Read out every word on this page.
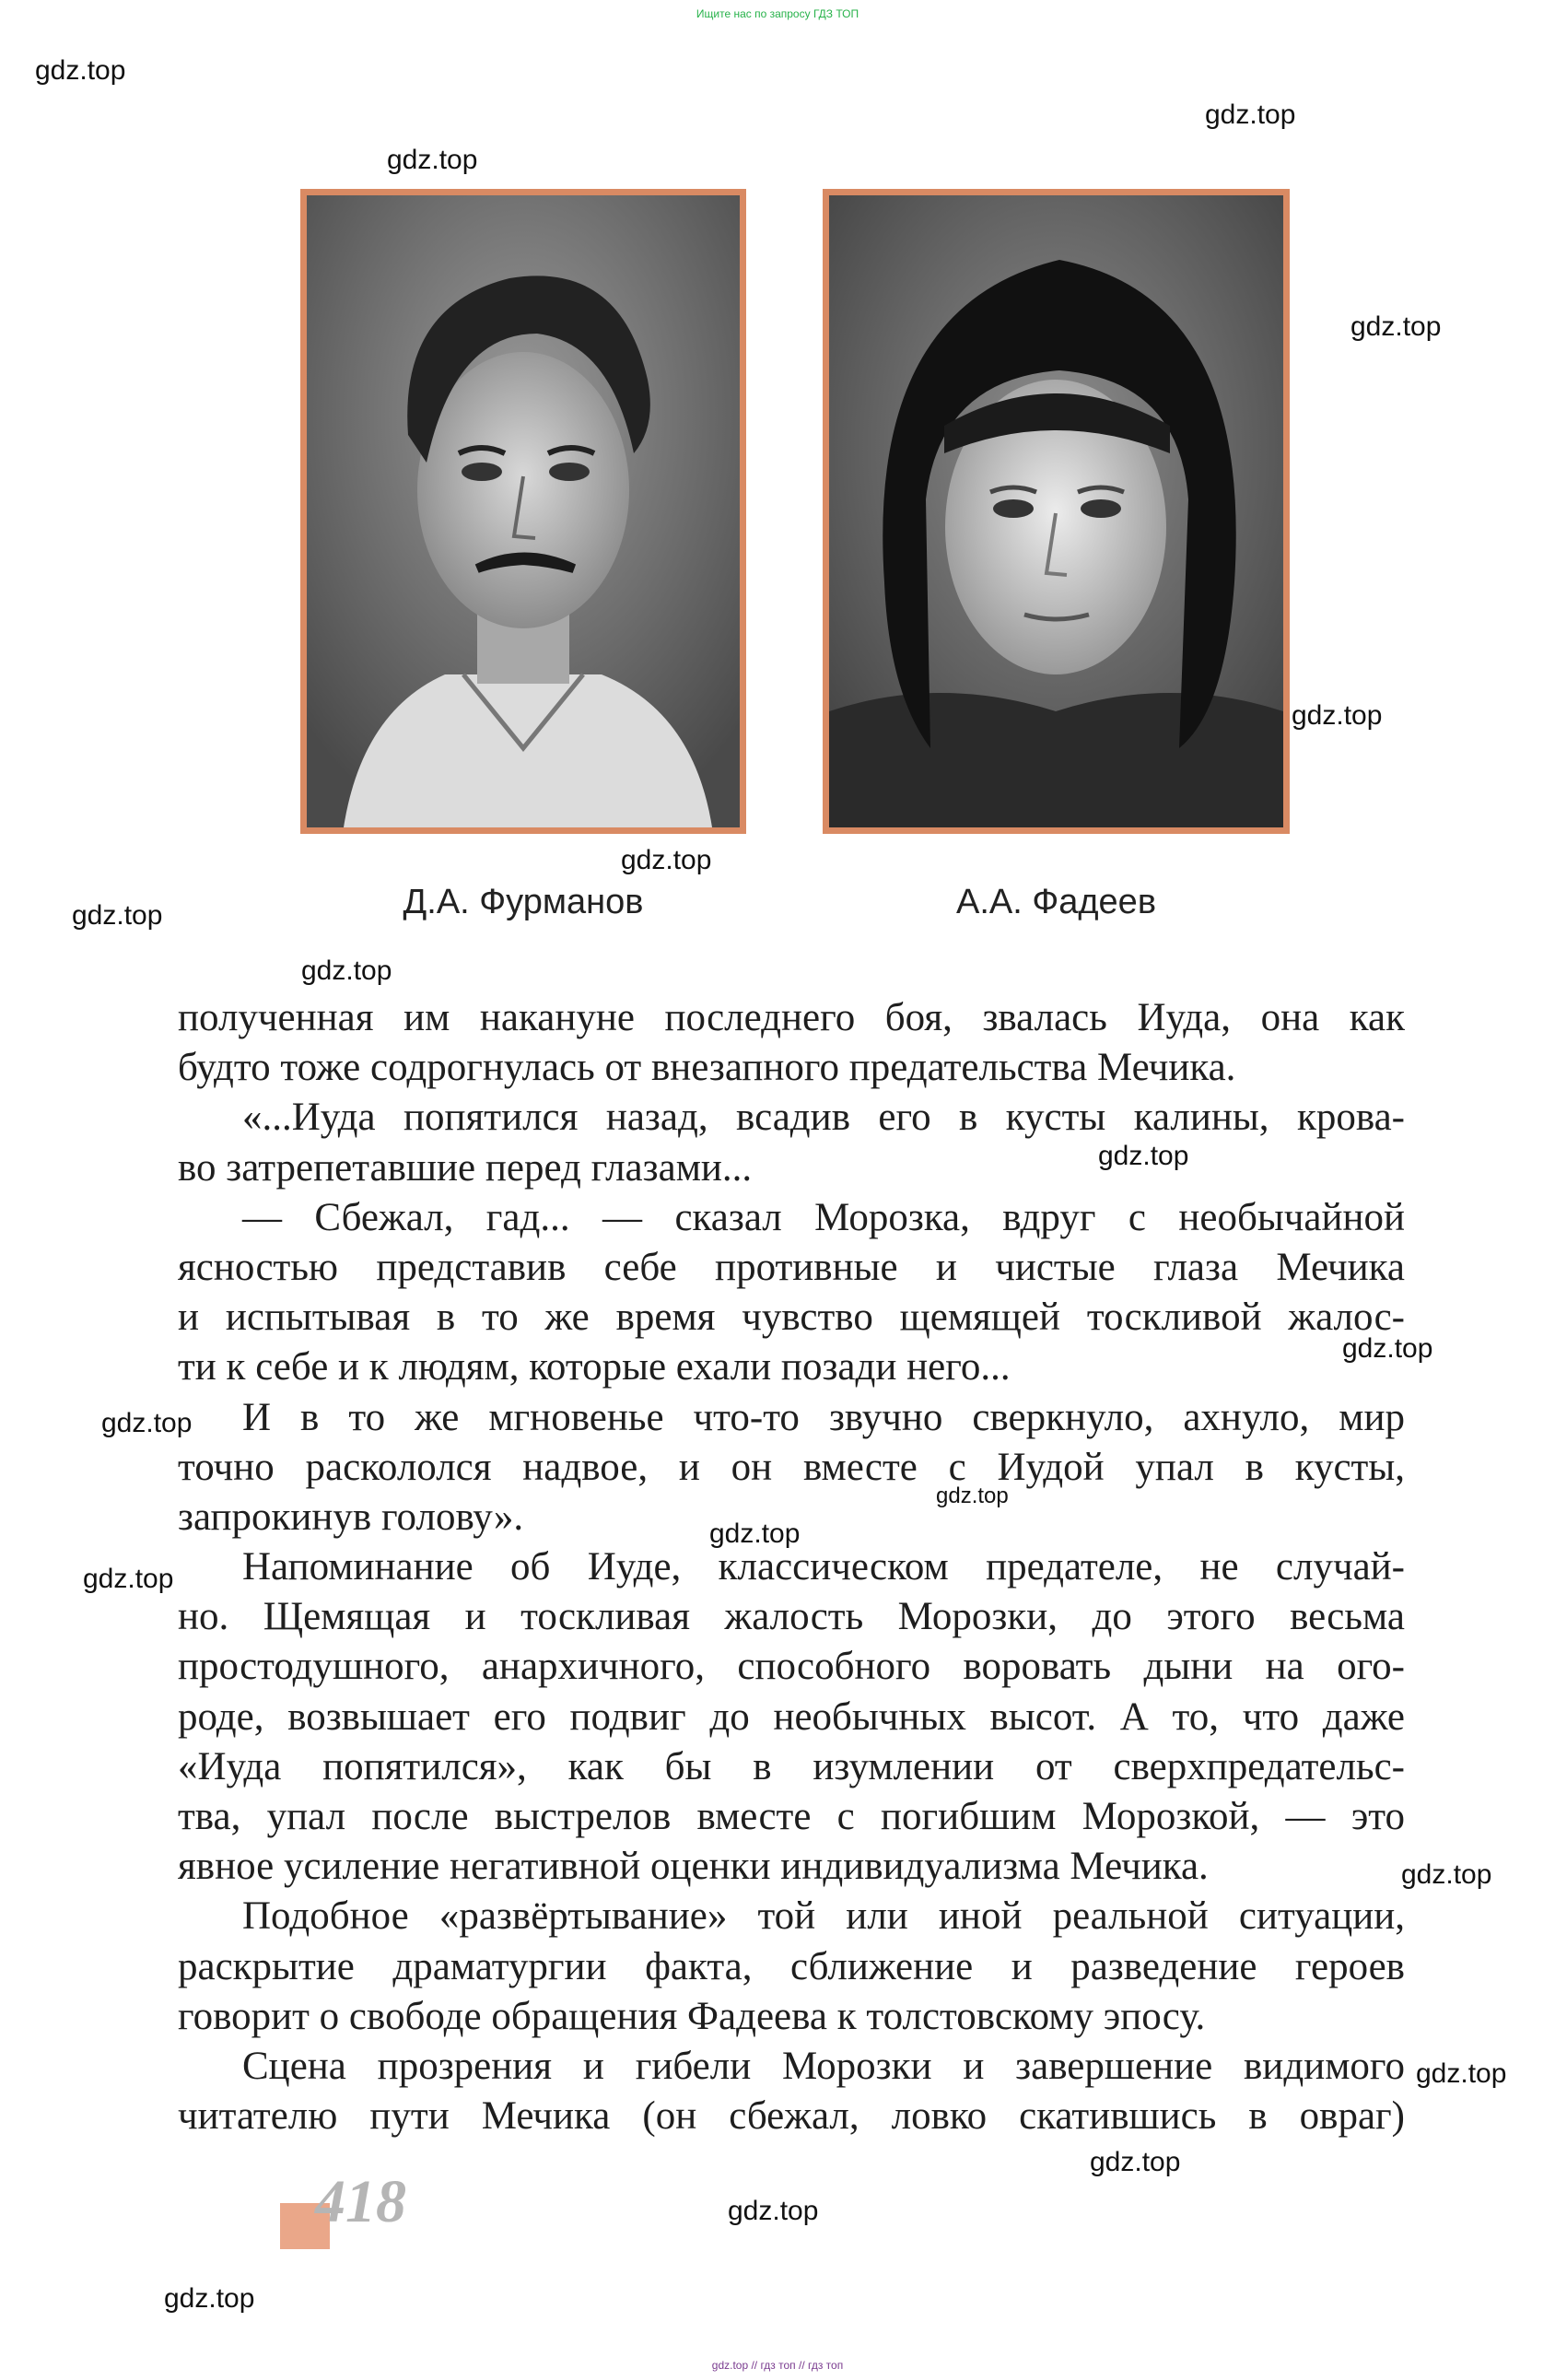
Ищите нас по запросу ГДЗ ТОП
gdz.top
gdz.top
gdz.top
gdz.top
gdz.top
gdz.top
gdz.top
gdz.top
gdz.top
gdz.top
gdz.top
gdz.top
gdz.top
gdz.top
gdz.top
gdz.top
gdz.top
gdz.top
gdz.top
Д.А. Фурманов	А.А. Фадеев
полученная им накануне последнего боя, звалась Иуда, она как
будто тоже содрогнулась от внезапного предательства Мечика.
«...Иуда попятился назад, всадив его в кусты калины, крова-
во затрепетавшие перед глазами...
— Сбежал, гад... — сказал Морозка, вдруг с необычайной
ясностью представив себе противные и чистые глаза Мечика
и испытывая в то же время чувство щемящей тоскливой жалос-
ти к себе и к людям, которые ехали позади него...
И в то же мгновенье что-то звучно сверкнуло, ахнуло, мир
точно раскололся надвое, и он вместе с Иудой упал в кусты,
запрокинув голову».
Напоминание об Иуде, классическом предателе, не случай-
но. Щемящая и тоскливая жалость Морозки, до этого весьма
простодушного, анархичного, способного воровать дыни на ого-
роде, возвышает его подвиг до необычных высот. А то, что даже
«Иуда попятился», как бы в изумлении от сверхпредательс-
тва, упал после выстрелов вместе с погибшим Морозкой, — это
явное усиление негативной оценки индивидуализма Мечика.
Подобное «развёртывание» той или иной реальной ситуации,
раскрытие драматургии факта, сближение и разведение героев
говорит о свободе обращения Фадеева к толстовскому эпосу.
Сцена прозрения и гибели Морозки и завершение видимого
читателю пути Мечика (он сбежал, ловко скатившись в овраг)
418
gdz.top // гдз топ // гдз топ
